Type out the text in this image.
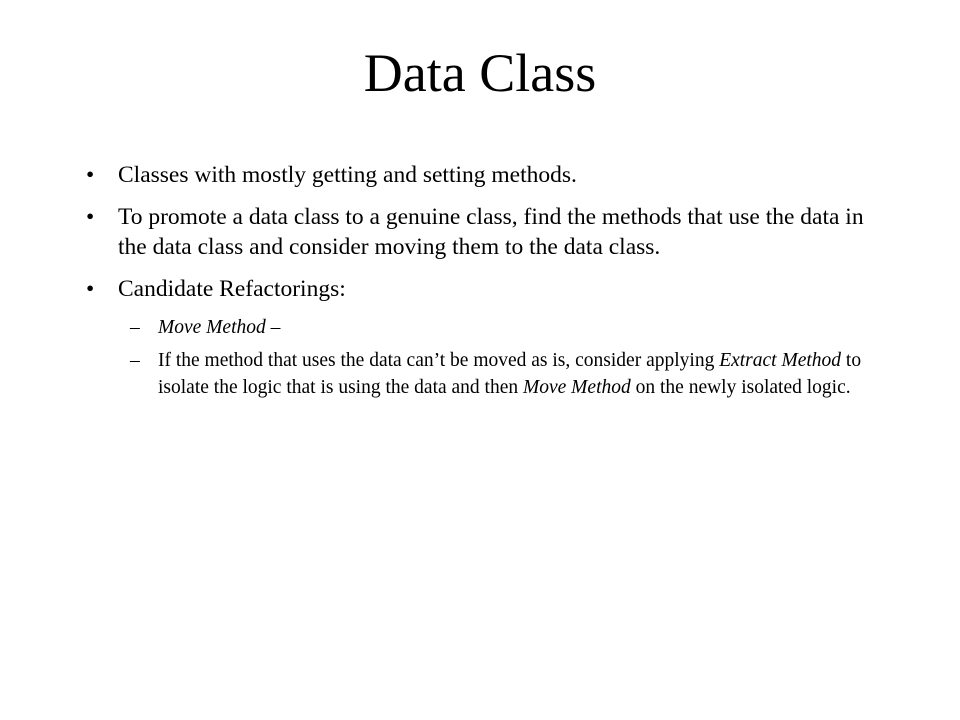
Data Class
• Classes with mostly getting and setting methods.
• To promote a data class to a genuine class, find the methods that use the data in the data class and consider moving them to the data class.
• Candidate Refactorings:
– Move Method –
– If the method that uses the data can’t be moved as is, consider applying Extract Method to isolate the logic that is using the data and then Move Method on the newly isolated logic.
